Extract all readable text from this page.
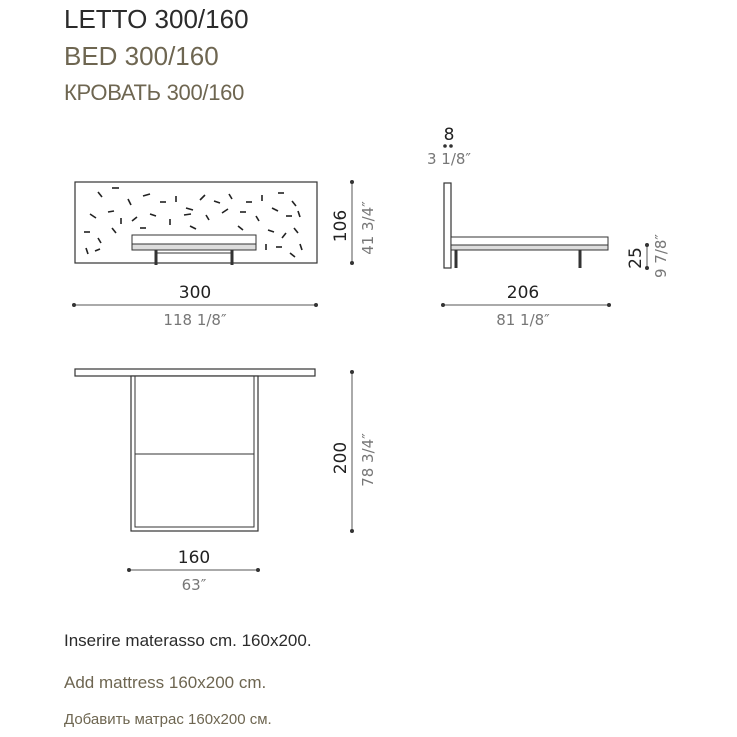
LETTO 300/160
BED 300/160
КРОВАТЬ 300/160
300
118 1/8″
106 41 3/4″
8
3 1/8″
206
81 1/8″
25 9 7/8″
160
63″
200 78 3/4″
Inserire materasso cm. 160x200.
Add mattress 160x200 cm.
Добавить матрас 160x200 см.
